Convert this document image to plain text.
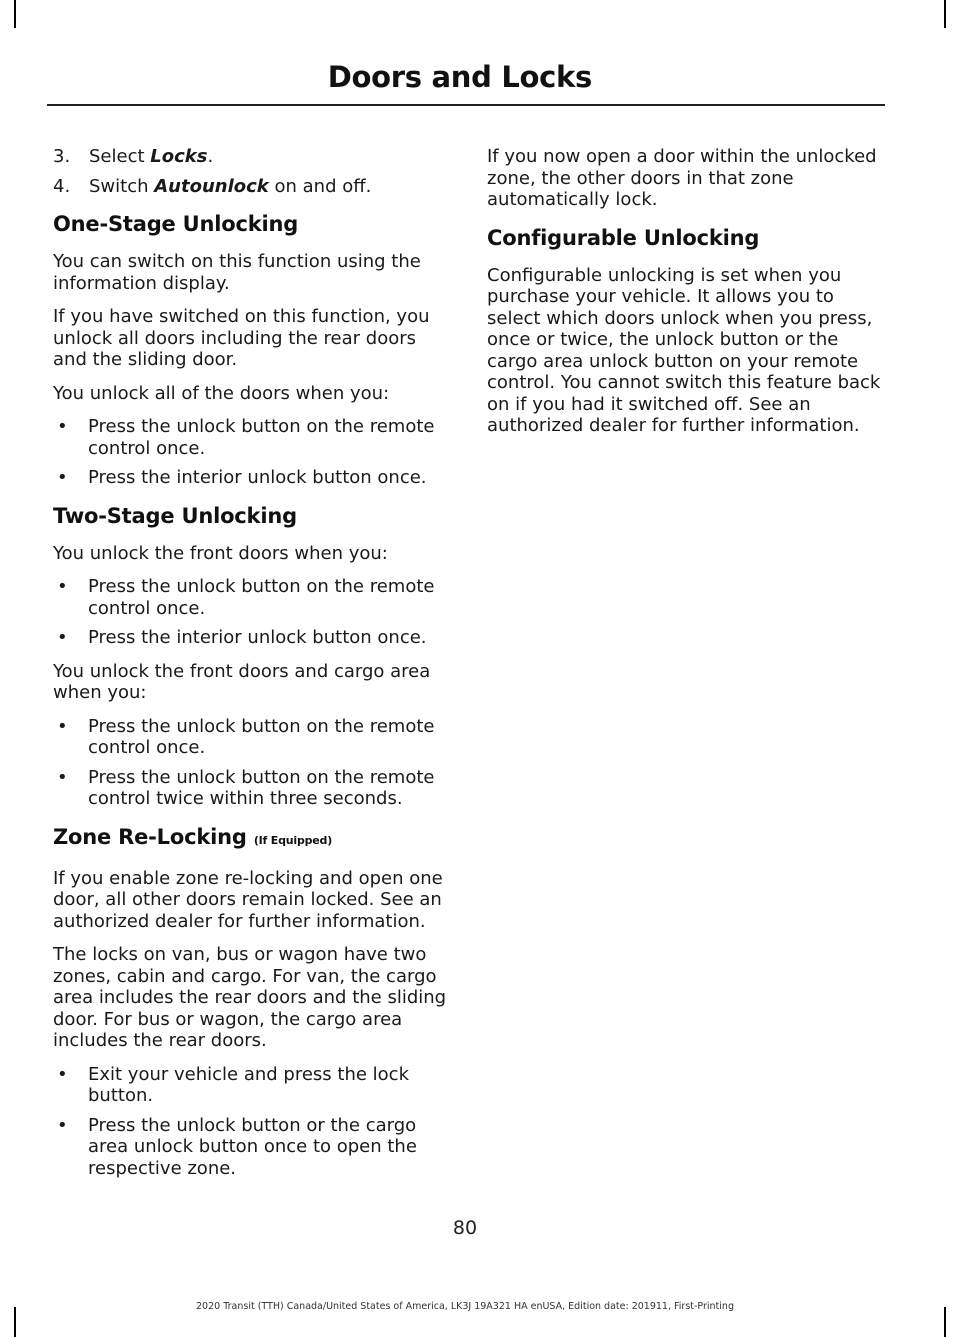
Doors and Locks
3.	Select Locks.
4.	Switch Autounlock on and off.
One-Stage Unlocking

You can switch on this function using the information display.

If you have switched on this function, you unlock all doors including the rear doors and the sliding door.

You unlock all of the doors when you:

•	Press the unlock button on the remote control once.
•	Press the interior unlock button once.
Two-Stage Unlocking

You unlock the front doors when you:

•	Press the unlock button on the remote control once.
•	Press the interior unlock button once.

You unlock the front doors and cargo area when you:

•	Press the unlock button on the remote control once.
•	Press the unlock button on the remote control twice within three seconds.
Zone Re-Locking (If Equipped)

If you enable zone re-locking and open one door, all other doors remain locked. See an authorized dealer for further information.

The locks on van, bus or wagon have two zones, cabin and cargo. For van, the cargo area includes the rear doors and the sliding door. For bus or wagon, the cargo area includes the rear doors.

•	Exit your vehicle and press the lock button.
•	Press the unlock button or the cargo area unlock button once to open the respective zone.

If you now open a door within the unlocked zone, the other doors in that zone automatically lock.

Configurable Unlocking

Configurable unlocking is set when you purchase your vehicle. It allows you to select which doors unlock when you press, once or twice, the unlock button or the cargo area unlock button on your remote control. You cannot switch this feature back on if you had it switched off. See an authorized dealer for further information.

80
2020 Transit (TTH) Canada/United States of America, LK3J 19A321 HA enUSA, Edition date: 201911, First-Printing
